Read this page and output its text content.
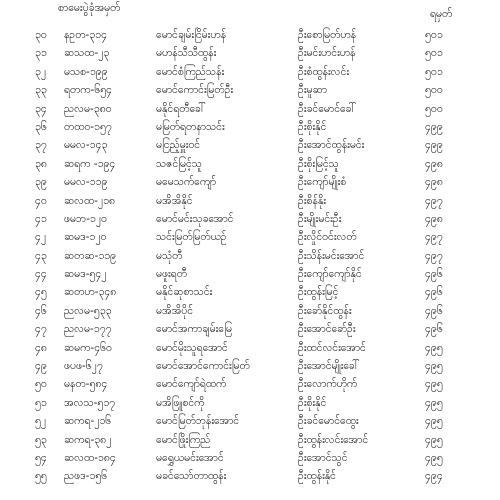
စာမေးပွဲခုံအမှတ်	ရမှတ်
၃၀	နဥတ-၃၁၄	မောင်ချမ်းငြိမ်းဟန်	ဦးစောမြတ်ဟန်	၅၀၁
၃၁	ဆသထ-၂၃	မဟန်သီသီထွန်း	ဦးမင်းဟင်းဟန်	၅၀၁
၃၂	မသစ-၁၉၉	မောင်စံကြည်သန်း	ဦးစံထွန်းလင်း	၅၀၁
၃၃	ရတက-၆၅၄	မောင်ကောင်းမြတ်ဦး	ဦးမူဆာ	၅၀၀
၃၄	ညလမ-၃၈၀	မနိုင်ရတီခေါ်	ဦးခင်မောင်ခေါ်	၅၀၀
၃၆	တထဝ-၁၅၇	မမြတ်ရတနာသင်း	ဦးစိုးနိုင်	၄၉၉
၃၇	မမလ-၁၄၃	မငြည့်မှူးဝင်	ဦးအောင်ထွန်းမင်း	၄၉၉
၃၈	ဆရက -၁၉၄	သဇင်မြင့်သူ	ဦးစိုးမြင့်သူ	၄၉၈
၃၉	မမလ-၁၁၉	မမေသက်ကျော်	ဦးကျော်မျိုးစံ	၄၉၈
၄၀	ဆလထ-၂၁၈	မအိအိနိုင်	ဦးစိန်နိုး	၄၉၇
၄၁	ဖမဘ-၁၂၀	မောင်မင်းသုခအောင်	ဦးမျိုးမင်းဦး	၄၉၈
၄၂	ဆမဒ-၁၂၀	သင်းမြတ်မြတ်ယဉ်	ဦးလှိုင်ဝင်းလတ်	၄၉၇
၄၃	ဆတဆ-၁၁၉	မသုံတီ	ဦးသိန်းမင်းအောင်	၄၉၇
၄၄	ဆမဒ-၅၄၂	မဖူးရတီ	ဦးကျော်ကျော်နိုင်	၄၉၆
၄၅	ဆတဟ-၃၄၈	မနိုင်ဆုစာသင်း	ဦးထွန်းမြင့်	၄၉၆
၄၆	ညလမ-၅၃၃	မအိအိပိုင်	ဦးခော်နိုင်ထွန်း	၄၉၆
၄၇	ညလမ-၁၇၇	မောင်အကာချမ်းမြေ	ဦးအောင်ခော်ဦး	၄၉၆
၄၈	ဆမက-၄၆၀	မောင်မိုးသူရအောင်	ဦးထင်လင်းအောင်	၄၉၅
၄၉	ဖပဖ-၆၂၇	မောင်အောင်ကောင်းမြတ်	ဦးအောင်မျိုးခေါ်	၄၉၅
၅၀	မနတ-၅၈၄	မောင်ကျော်ရဲထက်	ဦးလောက်ဟိုက်	၄၉၅
၅၁	အလသ-၅၁၇	မအိဖြူစင်ကို	ဦးစိုးနိုင်	၄၉၅
၅၂	ဆကရ-၂၁၆	မောင်မြတ်ဘုန်းအောင်	ဦးခင်မောင်ထွေး	၄၉၅
၅၃	ဆကရ-၃၈၂	မောင်ဖြိုးကြည်	ဦးထွန်းလင်းအောင်	၄၉၅
၅၄	ဆလထ-၁၈၄	မရွှေယမင်းအောင်	ဦးအောင်သွင်	၄၉၅
၅၅	ညဖဒ-၁၅၆	မခင်သော်တာထွန်း	ဦးထွန်းနိုင်	၄၉၄
